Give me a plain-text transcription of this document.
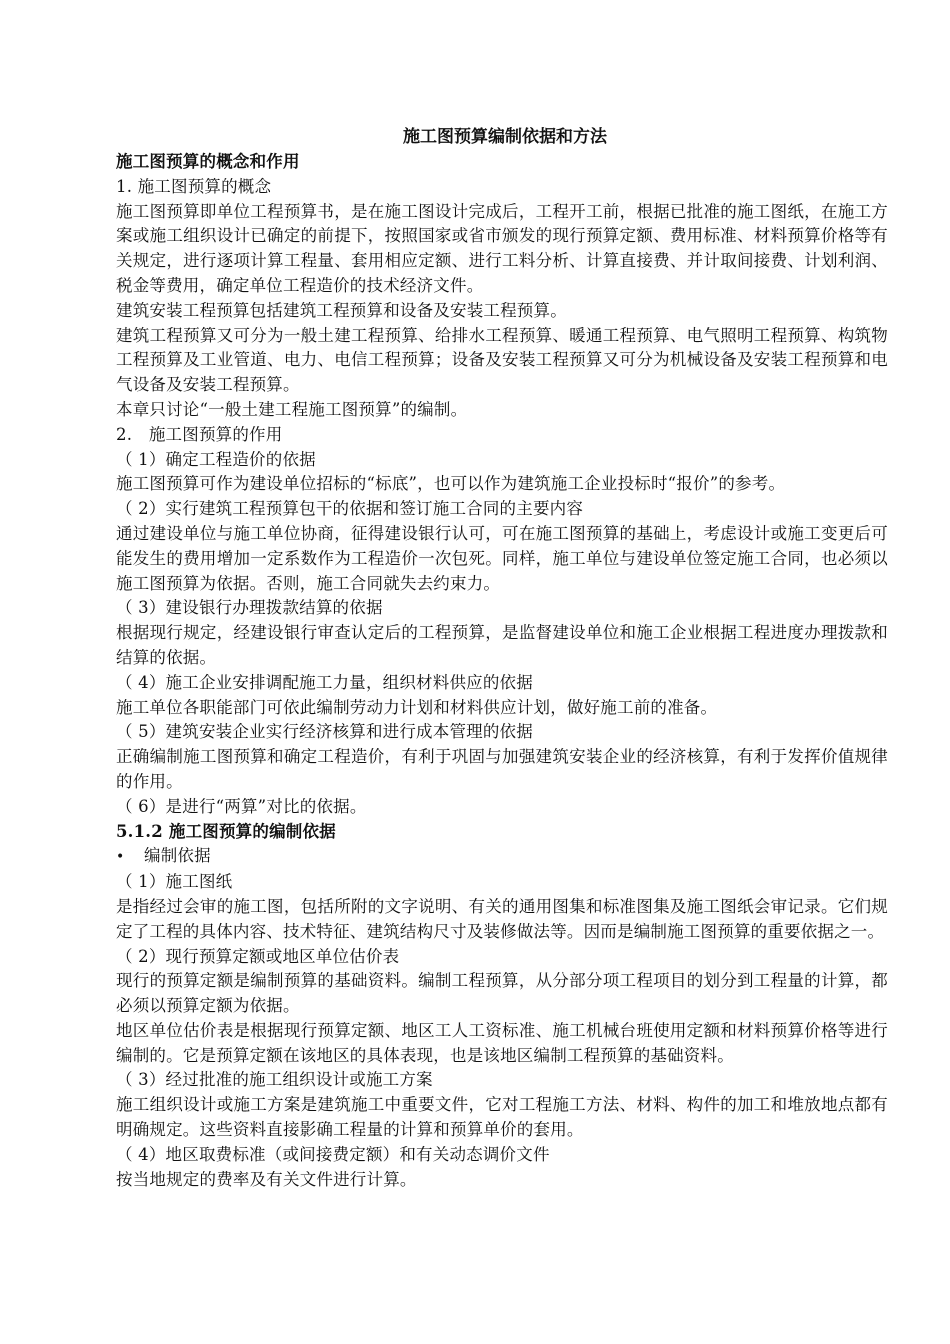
施工图预算编制依据和方法

施工图预算的概念和作用

1. 施工图预算的概念

施工图预算即单位工程预算书，是在施工图设计完成后，工程开工前，根据已批准的施工图纸，在施工方案或施工组织设计已确定的前提下，按照国家或省市颁发的现行预算定额、费用标准、材料预算价格等有关规定，进行逐项计算工程量、套用相应定额、进行工料分析、计算直接费、并计取间接费、计划利润、税金等费用，确定单位工程造价的技术经济文件。

建筑安装工程预算包括建筑工程预算和设备及安装工程预算。

建筑工程预算又可分为一般土建工程预算、给排水工程预算、暖通工程预算、电气照明工程预算、构筑物工程预算及工业管道、电力、电信工程预算；设备及安装工程预算又可分为机械设备及安装工程预算和电气设备及安装工程预算。

本章只讨论“一般土建工程施工图预算”的编制。

2.　施工图预算的作用

（ 1）确定工程造价的依据

施工图预算可作为建设单位招标的“标底”，也可以作为建筑施工企业投标时“报价”的参考。

（ 2）实行建筑工程预算包干的依据和签订施工合同的主要内容

通过建设单位与施工单位协商，征得建设银行认可，可在施工图预算的基础上，考虑设计或施工变更后可能发生的费用增加一定系数作为工程造价一次包死。同样，施工单位与建设单位签定施工合同，也必须以施工图预算为依据。否则，施工合同就失去约束力。

（ 3）建设银行办理拨款结算的依据

根据现行规定，经建设银行审查认定后的工程预算，是监督建设单位和施工企业根据工程进度办理拨款和结算的依据。

（ 4）施工企业安排调配施工力量，组织材料供应的依据

施工单位各职能部门可依此编制劳动力计划和材料供应计划，做好施工前的准备。

（ 5）建筑安装企业实行经济核算和进行成本管理的依据

正确编制施工图预算和确定工程造价，有利于巩固与加强建筑安装企业的经济核算，有利于发挥价值规律的作用。

（ 6）是进行“两算”对比的依据。

5.1.2 施工图预算的编制依据

•	编制依据

（ 1）施工图纸

是指经过会审的施工图，包括所附的文字说明、有关的通用图集和标准图集及施工图纸会审记录。它们规定了工程的具体内容、技术特征、建筑结构尺寸及装修做法等。因而是编制施工图预算的重要依据之一。

（ 2）现行预算定额或地区单位估价表

现行的预算定额是编制预算的基础资料。编制工程预算，从分部分项工程项目的划分到工程量的计算，都必须以预算定额为依据。

地区单位估价表是根据现行预算定额、地区工人工资标准、施工机械台班使用定额和材料预算价格等进行编制的。它是预算定额在该地区的具体表现，也是该地区编制工程预算的基础资料。

（ 3）经过批准的施工组织设计或施工方案

施工组织设计或施工方案是建筑施工中重要文件，它对工程施工方法、材料、构件的加工和堆放地点都有明确规定。这些资料直接影确工程量的计算和预算单价的套用。

（ 4）地区取费标准（或间接费定额）和有关动态调价文件

按当地规定的费率及有关文件进行计算。
